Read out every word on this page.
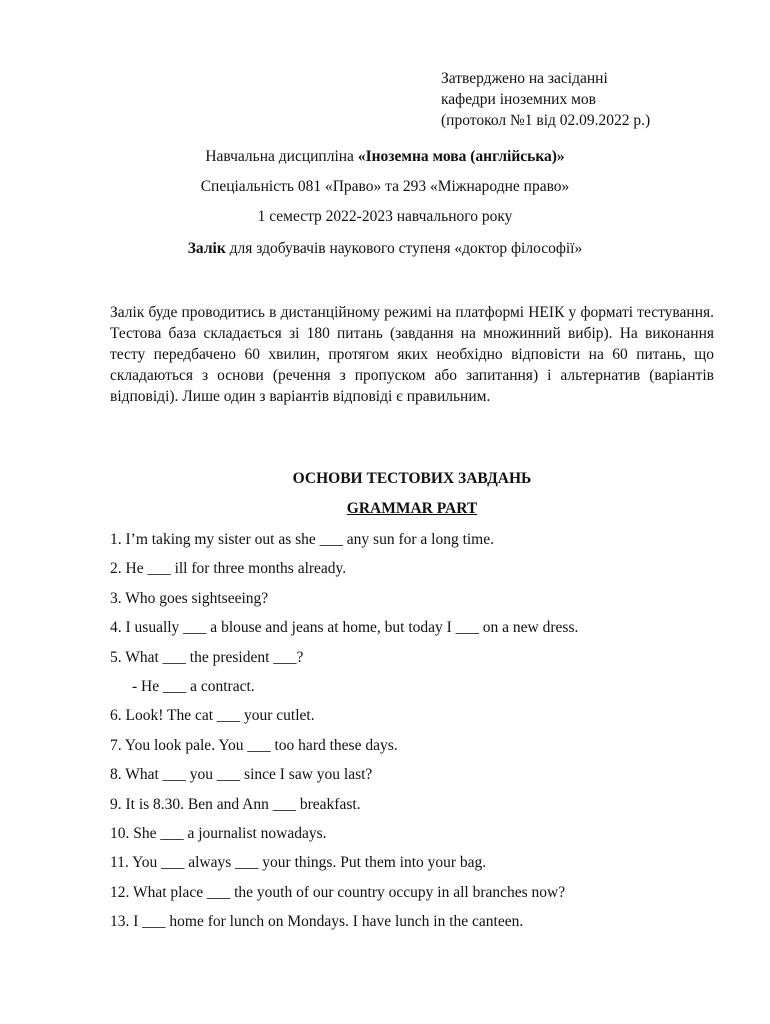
Затверджено на засіданні
кафедри іноземних мов
(протокол №1 від 02.09.2022 р.)
Навчальна дисципліна «Іноземна мова (англійська)»
Спеціальність 081 «Право» та 293 «Міжнародне право»
1 семестр 2022-2023 навчального року
Залік для здобувачів наукового ступеня «доктор філософії»
Залік буде проводитись в дистанційному режимі на платформі НЕІК у форматі тестування. Тестова база складається зі 180 питань (завдання на множинний вибір). На виконання тесту передбачено 60 хвилин, протягом яких необхідно відповісти на 60 питань, що складаються з основи (речення з пропуском або запитання) і альтернатив (варіантів відповіді). Лише один з варіантів відповіді є правильним.
ОСНОВИ ТЕСТОВИХ ЗАВДАНЬ
GRAMMAR PART
1. I’m taking my sister out as she ___ any sun for a long time.
2. He ___ ill for three months already.
3. Who goes sightseeing?
4. I usually ___ a blouse and jeans at home, but today I ___ on a new dress.
5. What ___ the president ___?
- He ___ a contract.
6. Look! The cat ___ your cutlet.
7. You look pale. You ___ too hard these days.
8. What ___ you ___ since I saw you last?
9. It is 8.30. Ben and Ann ___ breakfast.
10. She ___ a journalist nowadays.
11. You ___ always ___ your things. Put them into your bag.
12. What place ___ the youth of our country occupy in all branches now?
13. I ___ home for lunch on Mondays. I have lunch in the canteen.
